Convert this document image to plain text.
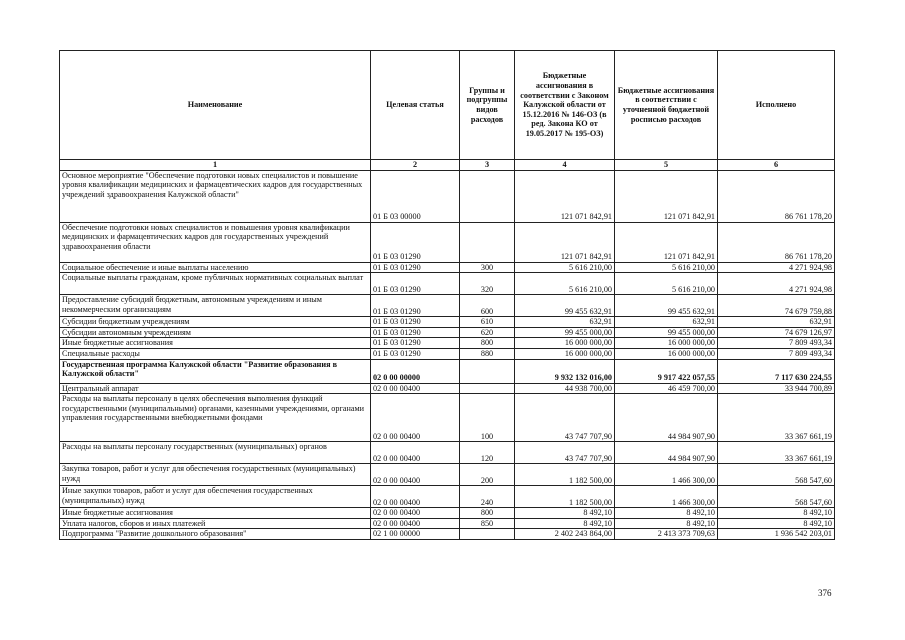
Наименование	Целевая статья	Группы и подгруппы видов расходов	Бюджетные ассигнования в соответствии с Законом Калужской области от 15.12.2016 № 146-ОЗ (в ред. Закона КО от 19.05.2017 № 195-ОЗ)	Бюджетные ассигнования в соответствии с уточненной бюджетной росписью расходов	Исполнено
1	2	3	4	5	6
Основное мероприятие "Обеспечение подготовки новых специалистов и повышение уровня квалификации медицинских и фармацевтических кадров для государственных учреждений здравоохранения Калужской области"	01 Б 03 00000		121 071 842,91	121 071 842,91	86 761 178,20
Обеспечение подготовки новых специалистов и повышения уровня квалификации медицинских и фармацевтических кадров для государственных учреждений здравоохранения области	01 Б 03 01290		121 071 842,91	121 071 842,91	86 761 178,20
Социальное обеспечение и иные выплаты населению	01 Б 03 01290	300	5 616 210,00	5 616 210,00	4 271 924,98
Социальные выплаты гражданам, кроме публичных нормативных социальных выплат	01 Б 03 01290	320	5 616 210,00	5 616 210,00	4 271 924,98
Предоставление субсидий бюджетным, автономным учреждениям и иным некоммерческим организациям	01 Б 03 01290	600	99 455 632,91	99 455 632,91	74 679 759,88
Субсидии бюджетным учреждениям	01 Б 03 01290	610	632,91	632,91	632,91
Субсидии автономным учреждениям	01 Б 03 01290	620	99 455 000,00	99 455 000,00	74 679 126,97
Иные бюджетные ассигнования	01 Б 03 01290	800	16 000 000,00	16 000 000,00	7 809 493,34
Специальные расходы	01 Б 03 01290	880	16 000 000,00	16 000 000,00	7 809 493,34
Государственная программа Калужской области "Развитие образования в Калужской области"	02 0 00 00000		9 932 132 016,00	9 917 422 057,55	7 117 630 224,55
Центральный аппарат	02 0 00 00400		44 938 700,00	46 459 700,00	33 944 700,89
Расходы на выплаты персоналу в целях обеспечения выполнения функций государственными (муниципальными) органами, казенными учреждениями, органами управления государственными внебюджетными фондами	02 0 00 00400	100	43 747 707,90	44 984 907,90	33 367 661,19
Расходы на выплаты персоналу государственных (муниципальных) органов	02 0 00 00400	120	43 747 707,90	44 984 907,90	33 367 661,19
Закупка товаров, работ и услуг для обеспечения государственных (муниципальных) нужд	02 0 00 00400	200	1 182 500,00	1 466 300,00	568 547,60
Иные закупки товаров, работ и услуг для обеспечения государственных (муниципальных) нужд	02 0 00 00400	240	1 182 500,00	1 466 300,00	568 547,60
Иные бюджетные ассигнования	02 0 00 00400	800	8 492,10	8 492,10	8 492,10
Уплата налогов, сборов и иных платежей	02 0 00 00400	850	8 492,10	8 492,10	8 492,10
Подпрограмма "Развитие дошкольного образования"	02 1 00 00000		2 402 243 864,00	2 413 373 709,63	1 936 542 203,01
376
